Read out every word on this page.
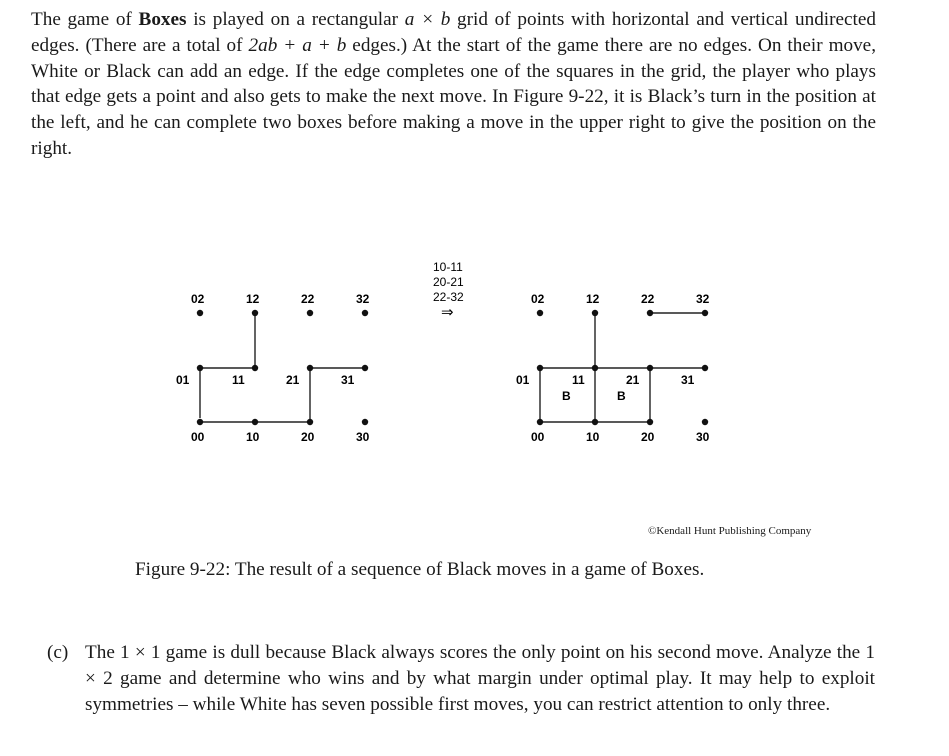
The game of Boxes is played on a rectangular a × b grid of points with horizontal and vertical undirected edges. (There are a total of 2ab + a + b edges.) At the start of the game there are no edges. On their move, White or Black can add an edge. If the edge completes one of the squares in the grid, the player who plays that edge gets a point and also gets to make the next move. In Figure 9-22, it is Black’s turn in the position at the left, and he can complete two boxes before making a move in the upper right to give the position on the right.
02	12	22	32
01	11	21	31
00	10	20	30
10-11
20-21
22-32
⇒
02	12	22	32
01	11	21	31
00	10	20	30
B	B
©Kendall Hunt Publishing Company
Figure 9-22: The result of a sequence of Black moves in a game of Boxes.
(c) The 1 × 1 game is dull because Black always scores the only point on his second move. Analyze the 1 × 2 game and determine who wins and by what margin under optimal play. It may help to exploit symmetries – while White has seven possible first moves, you can restrict attention to only three.
